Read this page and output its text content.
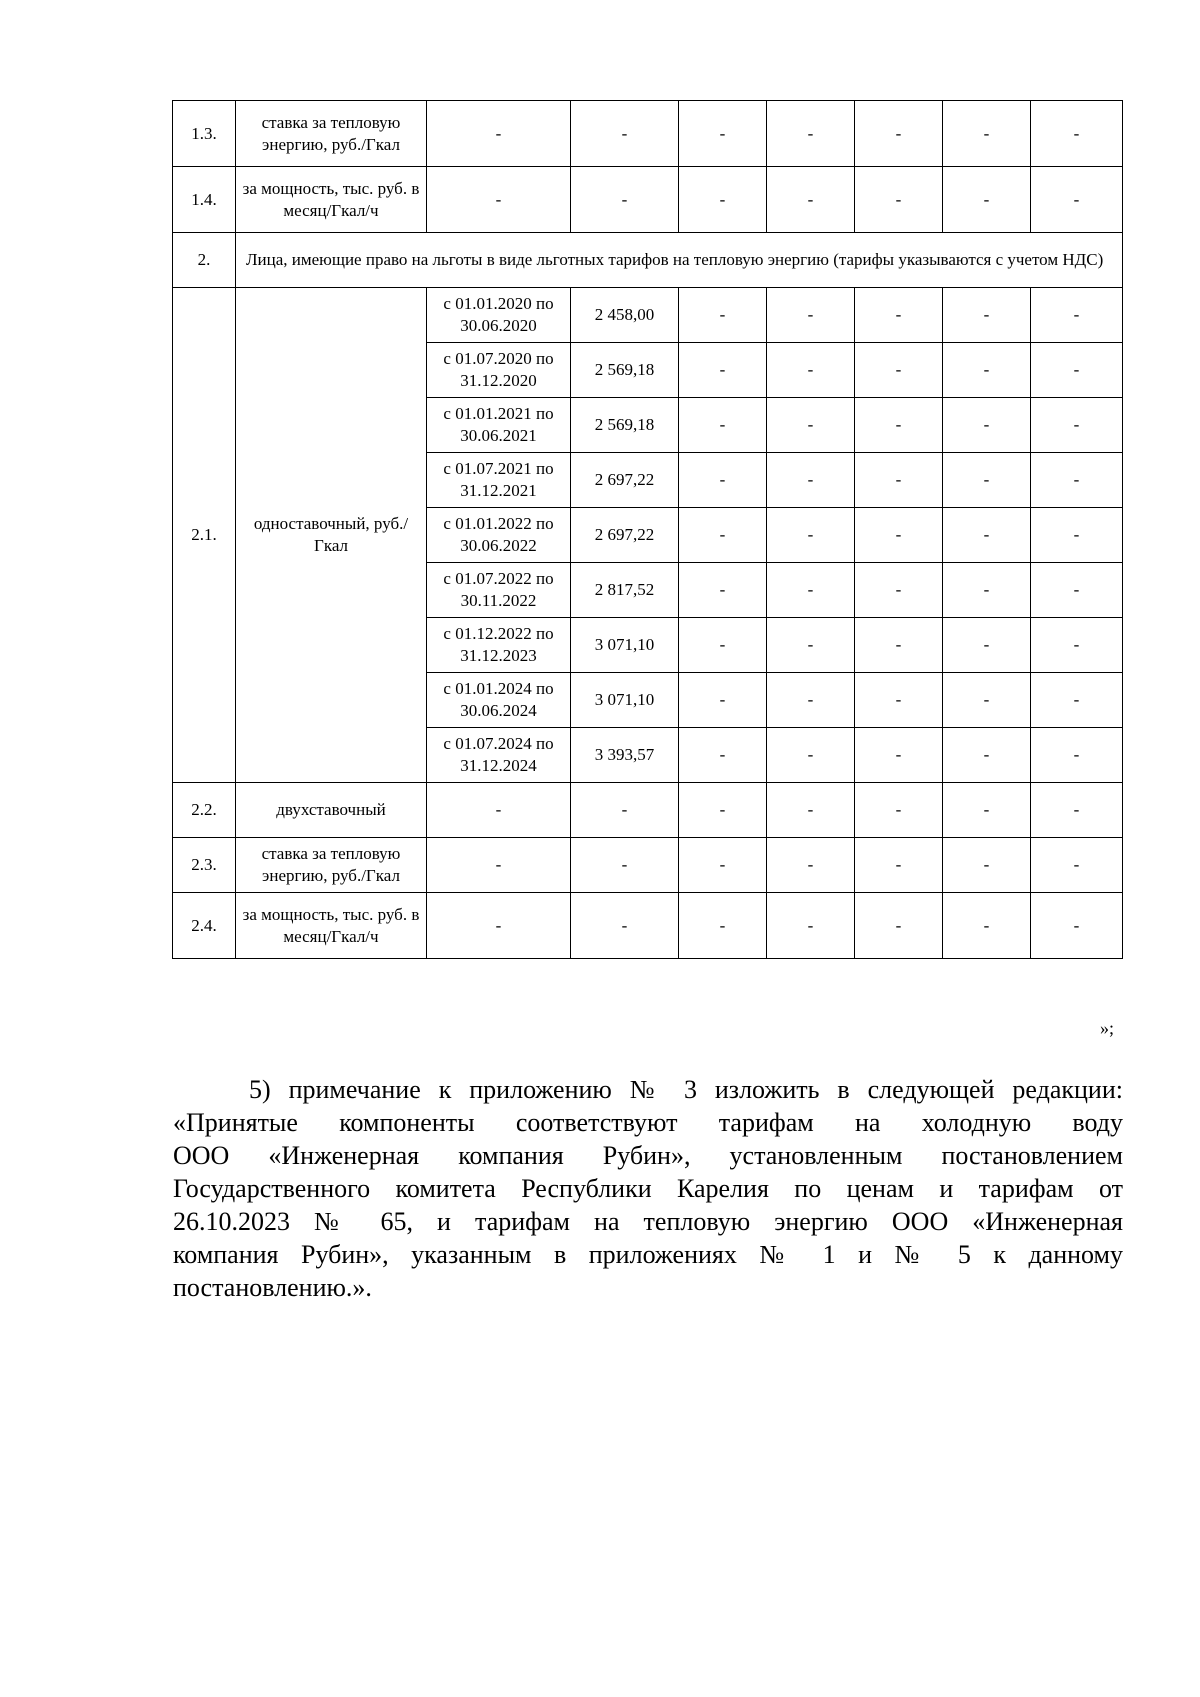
1.3.	ставка за тепловую энергию, руб./Гкал	-	-	-	-	-	-	-
1.4.	за мощность, тыс. руб. в месяц/Гкал/ч	-	-	-	-	-	-	-
2.	Лица, имеющие право на льготы в виде льготных тарифов на тепловую энергию (тарифы указываются с учетом НДС)							
2.1.	одноставочный, руб./Гкал	с 01.01.2020 по 30.06.2020	2 458,00	-	-	-	-	-
		с 01.07.2020 по 31.12.2020	2 569,18	-	-	-	-	-
		с 01.01.2021 по 30.06.2021	2 569,18	-	-	-	-	-
		с 01.07.2021 по 31.12.2021	2 697,22	-	-	-	-	-
		с 01.01.2022 по 30.06.2022	2 697,22	-	-	-	-	-
		с 01.07.2022 по 30.11.2022	2 817,52	-	-	-	-	-
		с 01.12.2022 по 31.12.2023	3 071,10	-	-	-	-	-
		с 01.01.2024 по 30.06.2024	3 071,10	-	-	-	-	-
		с 01.07.2024 по 31.12.2024	3 393,57	-	-	-	-	-
2.2.	двухставочный	-	-	-	-	-	-	-
2.3.	ставка за тепловую энергию, руб./Гкал	-	-	-	-	-	-	-
2.4.	за мощность, тыс. руб. в месяц/Гкал/ч	-	-	-	-	-	-	-
»;

5) примечание к приложению № 3 изложить в следующей редакции:
«Принятые компоненты соответствуют тарифам на холодную воду
ООО «Инженерная компания Рубин», установленным постановлением
Государственного комитета Республики Карелия по ценам и тарифам от
26.10.2023 № 65, и тарифам на тепловую энергию ООО «Инженерная
компания Рубин», указанным в приложениях № 1 и № 5 к данному
постановлению.».
